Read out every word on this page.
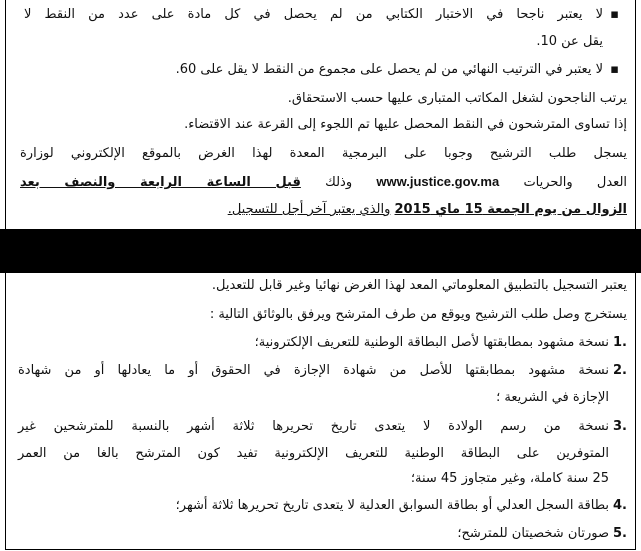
▪
لا يعتبر ناجحا في الاختبار الكتابي من لم يحصل في كل مادة على عدد من النقط لا
يقل عن 10.
▪
لا يعتبر في الترتيب النهائي من لم يحصل على مجموع من النقط لا يقل على 60.
يرتب الناجحون لشغل المكاتب المتبارى عليها حسب الاستحقاق.
إذا تساوى المترشحون في النقط المحصل عليها تم اللجوء إلى القرعة عند الاقتضاء.
يسجل طلب الترشيح وجوبا على البرمجية المعدة لهذا الغرض بالموقع الإلكتروني لوزارة
العدل والحريات www.justice.gov.ma وذلك قبل الساعة الرابعة والنصف بعد
الزوال من يوم الجمعة 15 ماي 2015 والذي يعتبر آخر أجل للتسجيل.
يعتبر التسجيل بالتطبيق المعلوماتي المعد لهذا الغرض نهائيا وغير قابل للتعديل.
يستخرج وصل طلب الترشيح ويوقع من طرف المترشح ويرفق بالوثائق التالية :
1.
نسخة مشهود بمطابقتها لأصل البطاقة الوطنية للتعريف الإلكترونية؛
2.
نسخة مشهود بمطابقتها للأصل من شهادة الإجازة في الحقوق أو ما يعادلها أو من شهادة
الإجازة في الشريعة ؛
3.
نسخة من رسم الولادة لا يتعدى تاريخ تحريرها ثلاثة أشهر بالنسبة للمترشحين غير
المتوفرين على البطاقة الوطنية للتعريف الإلكترونية تفيد كون المترشح بالغا من العمر
25 سنة كاملة، وغير متجاوز 45 سنة؛
4.
بطاقة السجل العدلي أو بطاقة السوابق العدلية لا يتعدى تاريخ تحريرها ثلاثة أشهر؛
5.
صورتان شخصيتان للمترشح؛
